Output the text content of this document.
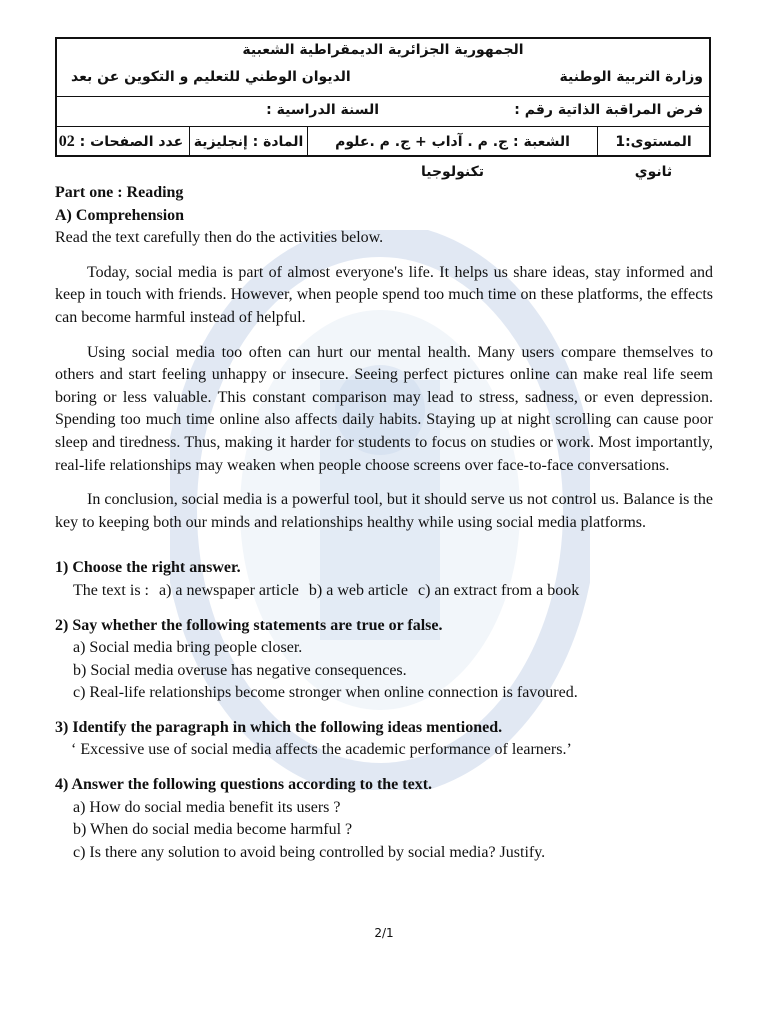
الجمهورية الجزائرية الديمقراطية الشعبية
وزارة التربية الوطنية
الديوان الوطني للتعليم و التكوين عن بعد
فرض المراقبة الذاتية رقم :
السنة الدراسية :
المستوى:1 ثانوي
الشعبة : ج. م . آداب + ج. م .علوم تكنولوجيا
المادة : إنجليزية
عدد الصفحات : 02

Part one : Reading

A) Comprehension

Read the text carefully then do the activities below.

Today, social media is part of almost everyone's life. It helps us share ideas, stay informed and keep in touch with friends. However, when people spend too much time on these platforms, the effects can become harmful instead of helpful.

Using social media too often can hurt our mental health. Many users compare themselves to others and start feeling unhappy or insecure. Seeing perfect pictures online can make real life seem boring or less valuable. This constant comparison may lead to stress, sadness, or even depression. Spending too much time online also affects daily habits. Staying up at night scrolling can cause poor sleep and tiredness. Thus, making it harder for students to focus on studies or work. Most importantly, real-life relationships may weaken when people choose screens over face-to-face conversations.

In conclusion, social media is a powerful tool, but it should serve us not control us. Balance is the key to keeping both our minds and relationships healthy while using social media platforms.

1) Choose the right answer.

The text is : a) a newspaper article b) a web article c) an extract from a book

2) Say whether the following statements are true or false.

a) Social media bring people closer.

b) Social media overuse has negative consequences.

c) Real-life relationships become stronger when online connection is favoured.

3) Identify the paragraph in which the following ideas mentioned.

‘ Excessive use of social media affects the academic performance of learners.’

4) Answer the following questions according to the text.

a) How do social media benefit its users ?

b) When do social media become harmful ?

c) Is there any solution to avoid being controlled by social media? Justify.

2/1
